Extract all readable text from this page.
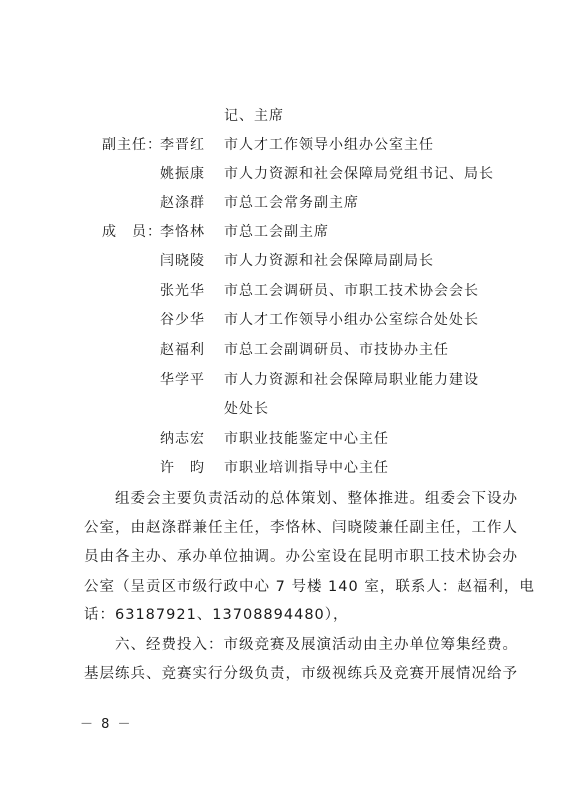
记、主席
副主任：
李晋红 市人才工作领导小组办公室主任
姚振康 市人力资源和社会保障局党组书记、局长
赵涤群 市总工会常务副主席
成　员：
李恪林 市总工会副主席
闫晓陵 市人力资源和社会保障局副局长
张光华 市总工会调研员、市职工技术协会会长
谷少华 市人才工作领导小组办公室综合处处长
赵福利 市总工会副调研员、市技协办主任
华学平 市人力资源和社会保障局职业能力建设
处处长
纳志宏 市职业技能鉴定中心主任
许　昀 市职业培训指导中心主任
　　组委会主要负责活动的总体策划、整体推进。组委会下设办
公室，由赵涤群兼任主任，李恪林、闫晓陵兼任副主任，工作人
员由各主办、承办单位抽调。办公室设在昆明市职工技术协会办
公室（呈贡区市级行政中心 7 号楼 140 室，联系人：赵福利，电
话：63187921、13708894480），
　　六、经费投入：市级竞赛及展演活动由主办单位筹集经费。
基层练兵、竞赛实行分级负责，市级视练兵及竞赛开展情况给予
－ 8 －
